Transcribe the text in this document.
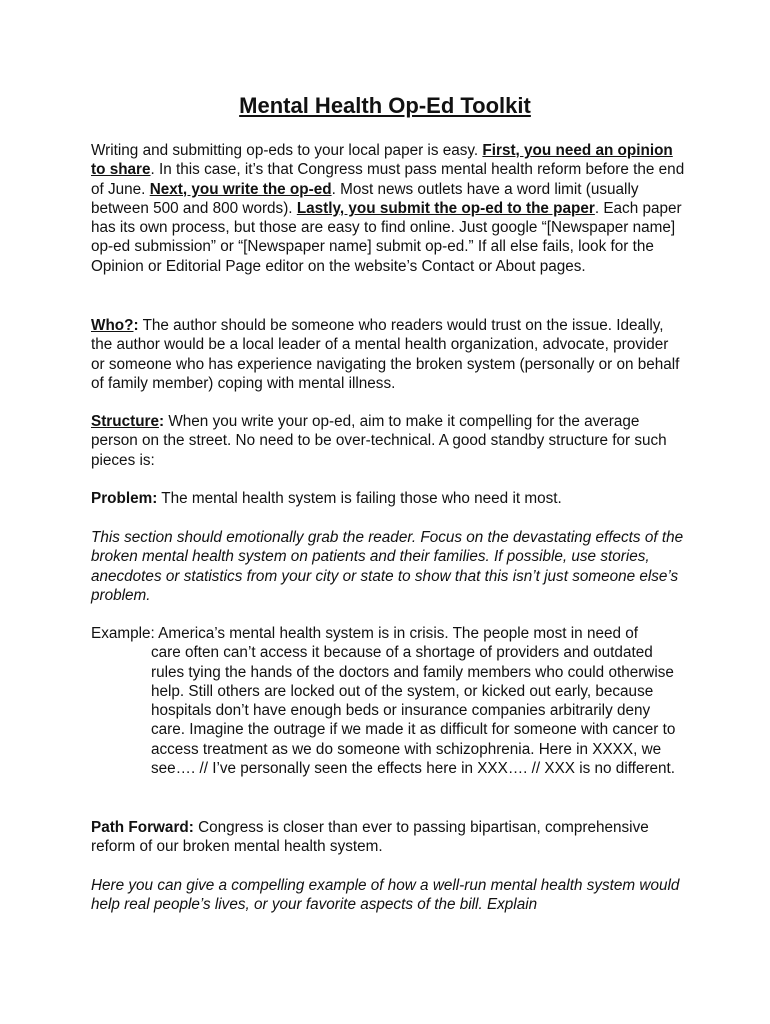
Mental Health Op-Ed Toolkit

Writing and submitting op-eds to your local paper is easy. First, you need an opinion to share. In this case, it’s that Congress must pass mental health reform before the end of June. Next, you write the op-ed. Most news outlets have a word limit (usually between 500 and 800 words). Lastly, you submit the op-ed to the paper. Each paper has its own process, but those are easy to find online. Just google “[Newspaper name] op-ed submission” or “[Newspaper name] submit op-ed.” If all else fails, look for the Opinion or Editorial Page editor on the website’s Contact or About pages.

Who?: The author should be someone who readers would trust on the issue. Ideally, the author would be a local leader of a mental health organization, advocate, provider or someone who has experience navigating the broken system (personally or on behalf of family member) coping with mental illness.

Structure: When you write your op-ed, aim to make it compelling for the average person on the street. No need to be over-technical. A good standby structure for such pieces is:

Problem: The mental health system is failing those who need it most.

This section should emotionally grab the reader. Focus on the devastating effects of the broken mental health system on patients and their families. If possible, use stories, anecdotes or statistics from your city or state to show that this isn’t just someone else’s problem.

Example: America’s mental health system is in crisis. The people most in need of
care often can’t access it because of a shortage of providers and outdated rules tying the hands of the doctors and family members who could otherwise help. Still others are locked out of the system, or kicked out early, because hospitals don’t have enough beds or insurance companies arbitrarily deny care. Imagine the outrage if we made it as difficult for someone with cancer to access treatment as we do someone with schizophrenia. Here in XXXX, we see…. // I’ve personally seen the effects here in XXX…. // XXX is no different.

Path Forward: Congress is closer than ever to passing bipartisan, comprehensive reform of our broken mental health system.

Here you can give a compelling example of how a well-run mental health system would help real people’s lives, or your favorite aspects of the bill. Explain
